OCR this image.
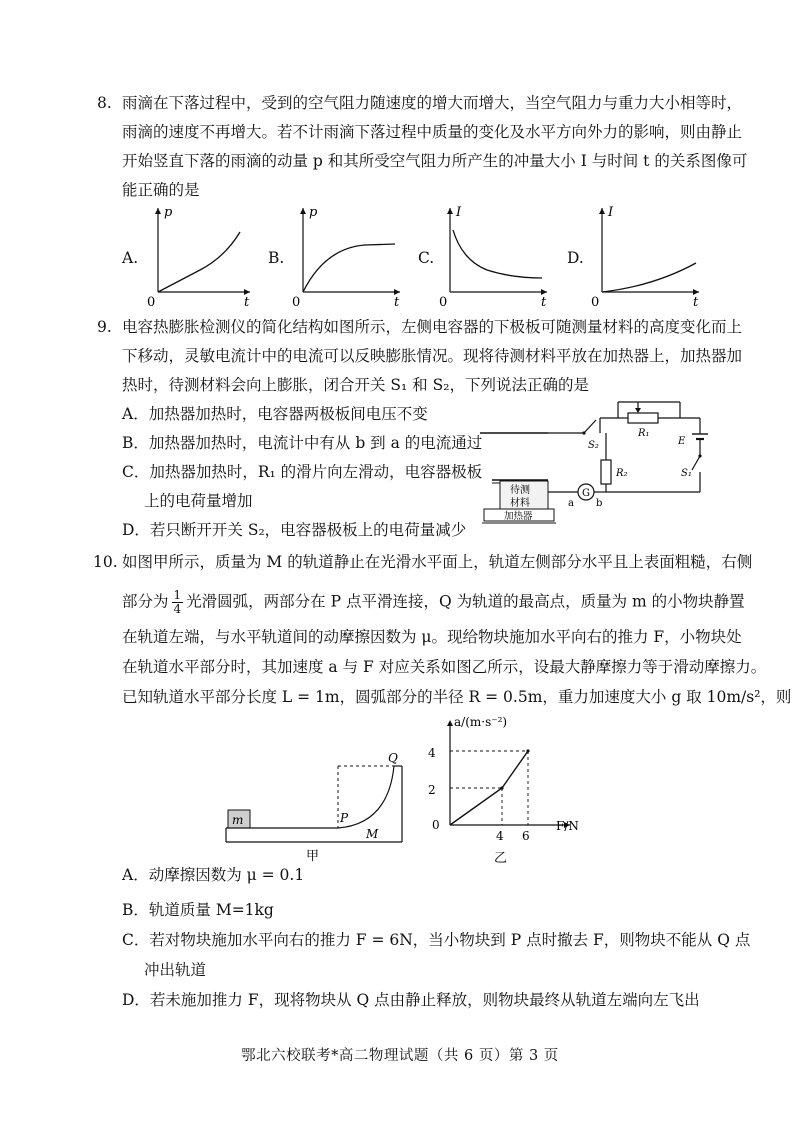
8. 雨滴在下落过程中，受到的空气阻力随速度的增大而增大，当空气阻力与重力大小相等时，
雨滴的速度不再增大。若不计雨滴下落过程中质量的变化及水平方向外力的影响，则由静止
开始竖直下落的雨滴的动量 p 和其所受空气阻力所产生的冲量大小 I 与时间 t 的关系图像可
能正确的是
A.
p
t
0
B.
p
t
0
C.
I
t
0
D.
I
t
0
9. 电容热膨胀检测仪的简化结构如图所示，左侧电容器的下极板可随测量材料的高度变化而上
下移动，灵敏电流计中的电流可以反映膨胀情况。现将待测材料平放在加热器上，加热器加
热时，待测材料会向上膨胀，闭合开关 S₁ 和 S₂，下列说法正确的是
A．加热器加热时，电容器两极板间电压不变
B．加热器加热时，电流计中有从 b 到 a 的电流通过
C．加热器加热时，R₁ 的滑片向左滑动，电容器极板
上的电荷量增加
D．若只断开开关 S₂，电容器极板上的电荷量减少
S₂
R₁
E
S₁
R₂
待测
材料
加热器
G
a b
10. 如图甲所示，质量为 M 的轨道静止在光滑水平面上，轨道左侧部分水平且上表面粗糙，右侧
部分为 $\frac{1}{4}$ 光滑圆弧，两部分在 P 点平滑连接，Q 为轨道的最高点，质量为 m 的小物块静置
在轨道左端，与水平轨道间的动摩擦因数为 μ。现给物块施加水平向右的推力 F，小物块处
在轨道水平部分时，其加速度 a 与 F 对应关系如图乙所示，设最大静摩擦力等于滑动摩擦力。
已知轨道水平部分长度 L = 1m，圆弧部分的半径 R = 0.5m，重力加速度大小 g 取 10m/s²，则
m	P
Q
M
甲
a/(m·s⁻²)
F/N
4
2
0
4 6
乙
A．动摩擦因数为 μ = 0.1
B．轨道质量 M=1kg
C．若对物块施加水平向右的推力 F = 6N，当小物块到 P 点时撤去 F，则物块不能从 Q 点
冲出轨道
D．若未施加推力 F，现将物块从 Q 点由静止释放，则物块最终从轨道左端向左飞出
鄂北六校联考*高二物理试题（共 6 页）第 3 页
